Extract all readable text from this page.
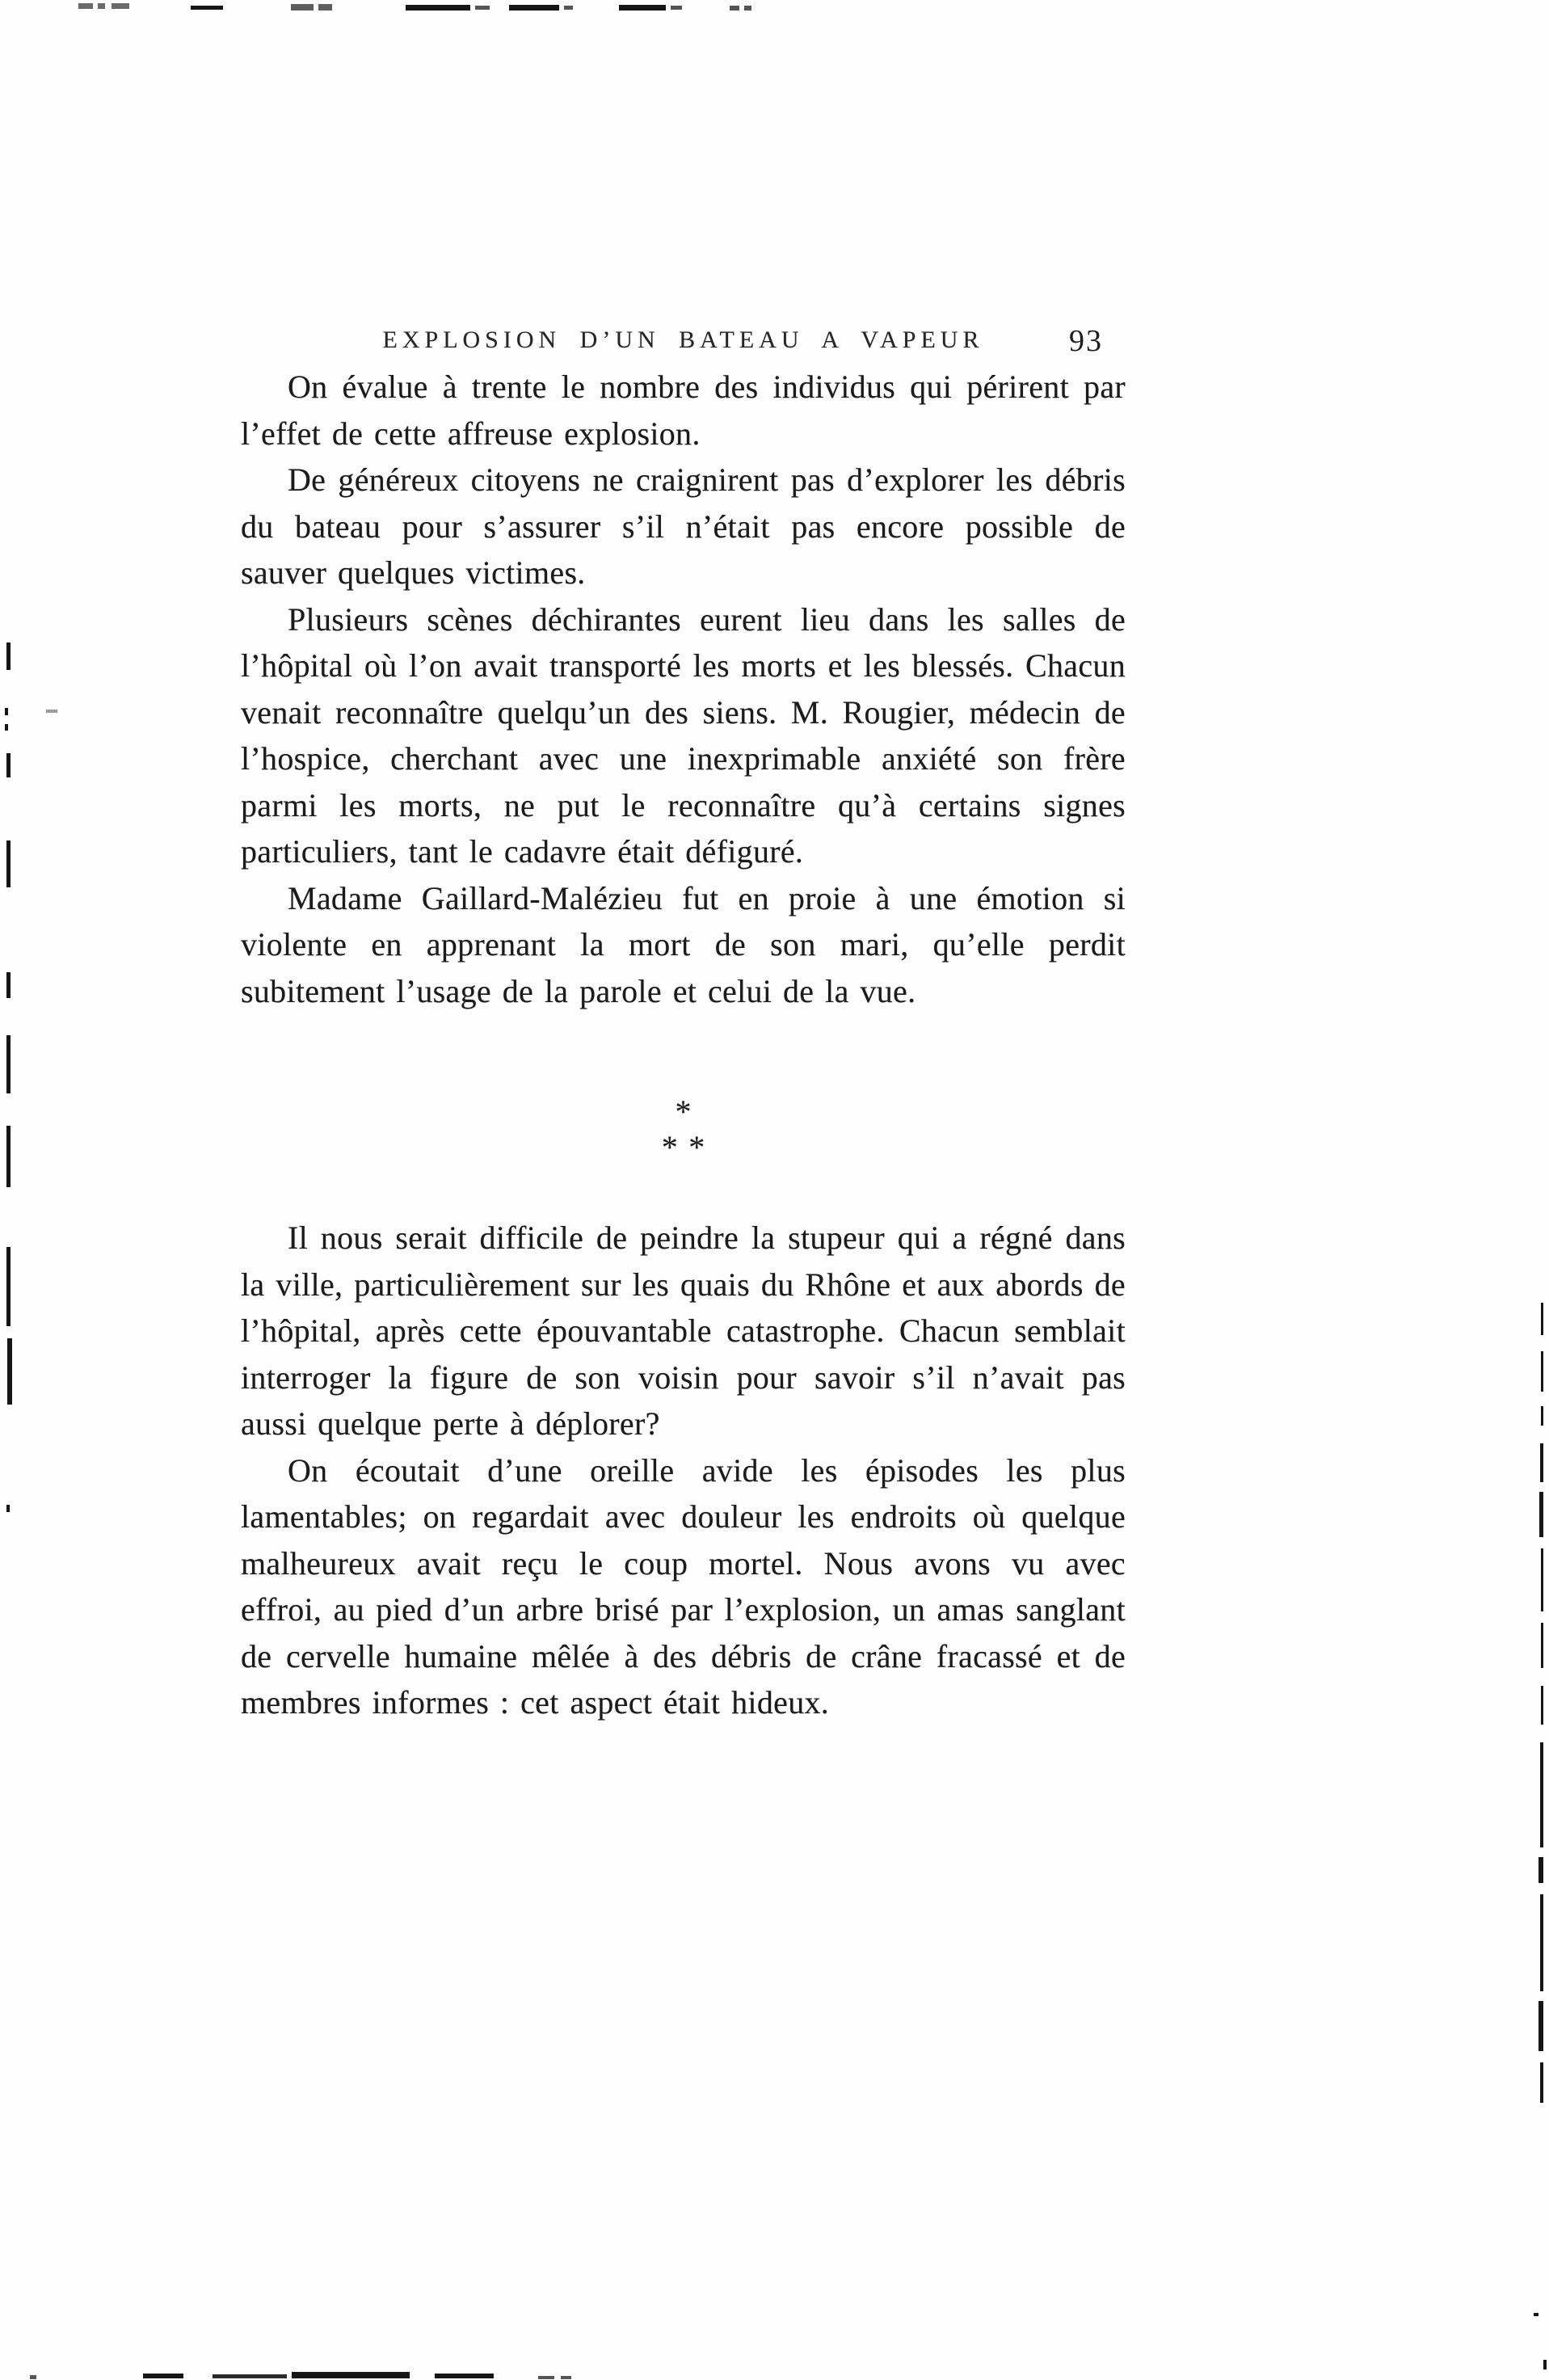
EXPLOSION D’UN BATEAU A VAPEUR	93

On évalue à trente le nombre des individus qui périrent par l’effet de cette affreuse explosion.

De généreux citoyens ne craignirent pas d’explorer les débris du bateau pour s’assurer s’il n’était pas encore possible de sauver quelques victimes.

Plusieurs scènes déchirantes eurent lieu dans les salles de l’hôpital où l’on avait transporté les morts et les blessés. Chacun venait reconnaître quelqu’un des siens. M. Rougier, médecin de l’hospice, cherchant avec une inexprimable anxiété son frère parmi les morts, ne put le reconnaître qu’à certains signes particuliers, tant le cadavre était défiguré.

Madame Gaillard-Malézieu fut en proie à une émotion si violente en apprenant la mort de son mari, qu’elle perdit subitement l’usage de la parole et celui de la vue.

*
* *

Il nous serait difficile de peindre la stupeur qui a régné dans la ville, particulièrement sur les quais du Rhône et aux abords de l’hôpital, après cette épouvantable catastrophe. Chacun semblait interroger la figure de son voisin pour savoir s’il n’avait pas aussi quelque perte à déplorer?

On écoutait d’une oreille avide les épisodes les plus lamentables; on regardait avec douleur les endroits où quelque malheureux avait reçu le coup mortel. Nous avons vu avec effroi, au pied d’un arbre brisé par l’explosion, un amas sanglant de cervelle humaine mêlée à des débris de crâne fracassé et de membres informes : cet aspect était hideux.
